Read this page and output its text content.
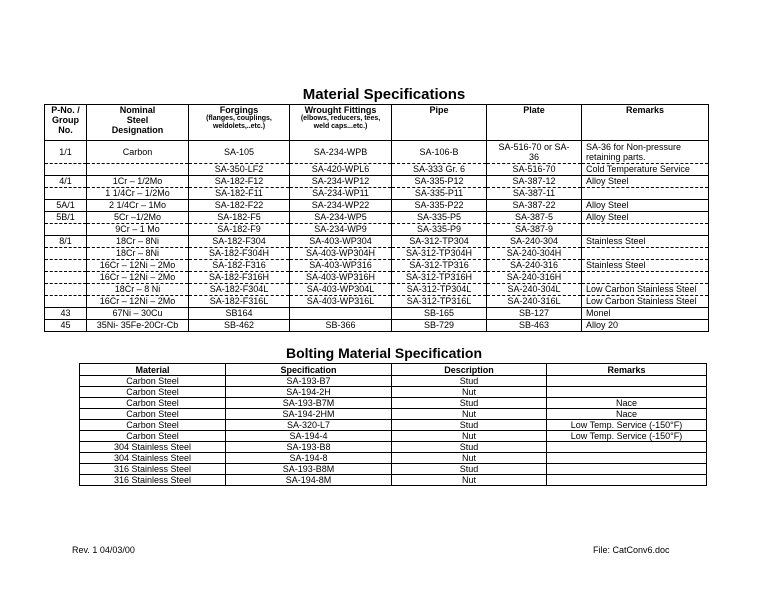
Material Specifications
P-No. /
Group
No.	Nominal
Steel
Designation	Forgings
(flanges, couplings,
weldolets,..etc.)	Wrought Fittings
(elbows, reducers, tees,
weld caps...etc.)	Pipe	Plate	Remarks
1/1	Carbon	SA-105	SA-234-WPB	SA-106-B	SA-516-70 or SA-36	SA-36 for Non-pressure retaining parts.
		SA-350-LF2	SA-420-WPL6	SA-333 Gr. 6	SA-516-70	Cold Temperature Service
4/1	1Cr – 1/2Mo	SA-182-F12	SA-234-WP12	SA-335-P12	SA-387-12	Alloy Steel
	1 1/4Cr – 1/2Mo	SA-182-F11	SA-234-WP11	SA-335-P11	SA-387-11	
5A/1	2 1/4Cr – 1Mo	SA-182-F22	SA-234-WP22	SA-335-P22	SA-387-22	Alloy Steel
5B/1	5Cr –1/2Mo	SA-182-F5	SA-234-WP5	SA-335-P5	SA-387-5	Alloy Steel
	9Cr – 1 Mo	SA-182-F9	SA-234-WP9	SA-335-P9	SA-387-9	
8/1	18Cr – 8Ni	SA-182-F304	SA-403-WP304	SA-312-TP304	SA-240-304	Stainless Steel
	18Cr – 8Ni	SA-182-F304H	SA-403-WP304H	SA-312-TP304H	SA-240-304H	
	16Cr – 12Ni – 2Mo	SA-182-F316	SA-403-WP316	SA-312-TP316	SA-240-316	Stainless Steel
	16Cr – 12Ni – 2Mo	SA-182-F316H	SA-403-WP316H	SA-312-TP316H	SA-240-316H	
	18Cr – 8 Ni	SA-182-F304L	SA-403-WP304L	SA-312-TP304L	SA-240-304L	Low Carbon Stainless Steel
	16Cr – 12Ni – 2Mo	SA-182-F316L	SA-403-WP316L	SA-312-TP316L	SA-240-316L	Low Carbon Stainless Steel
43	67Ni – 30Cu	SB164		SB-165	SB-127	Monel
45	35Ni- 35Fe-20Cr-Cb	SB-462	SB-366	SB-729	SB-463	Alloy 20
Bolting Material Specification
Material	Specification	Description	Remarks
Carbon Steel	SA-193-B7	Stud	
Carbon Steel	SA-194-2H	Nut	
Carbon Steel	SA-193-B7M	Stud	Nace
Carbon Steel	SA-194-2HM	Nut	Nace
Carbon Steel	SA-320-L7	Stud	Low Temp. Service (-150°F)
Carbon Steel	SA-194-4	Nut	Low Temp. Service (-150°F)
304 Stainless Steel	SA-193-B8	Stud	
304 Stainless Steel	SA-194-8	Nut	
316 Stainless Steel	SA-193-B8M	Stud	
316 Stainless Steel	SA-194-8M	Nut	
Rev. 1 04/03/00	File: CatConv6.doc
